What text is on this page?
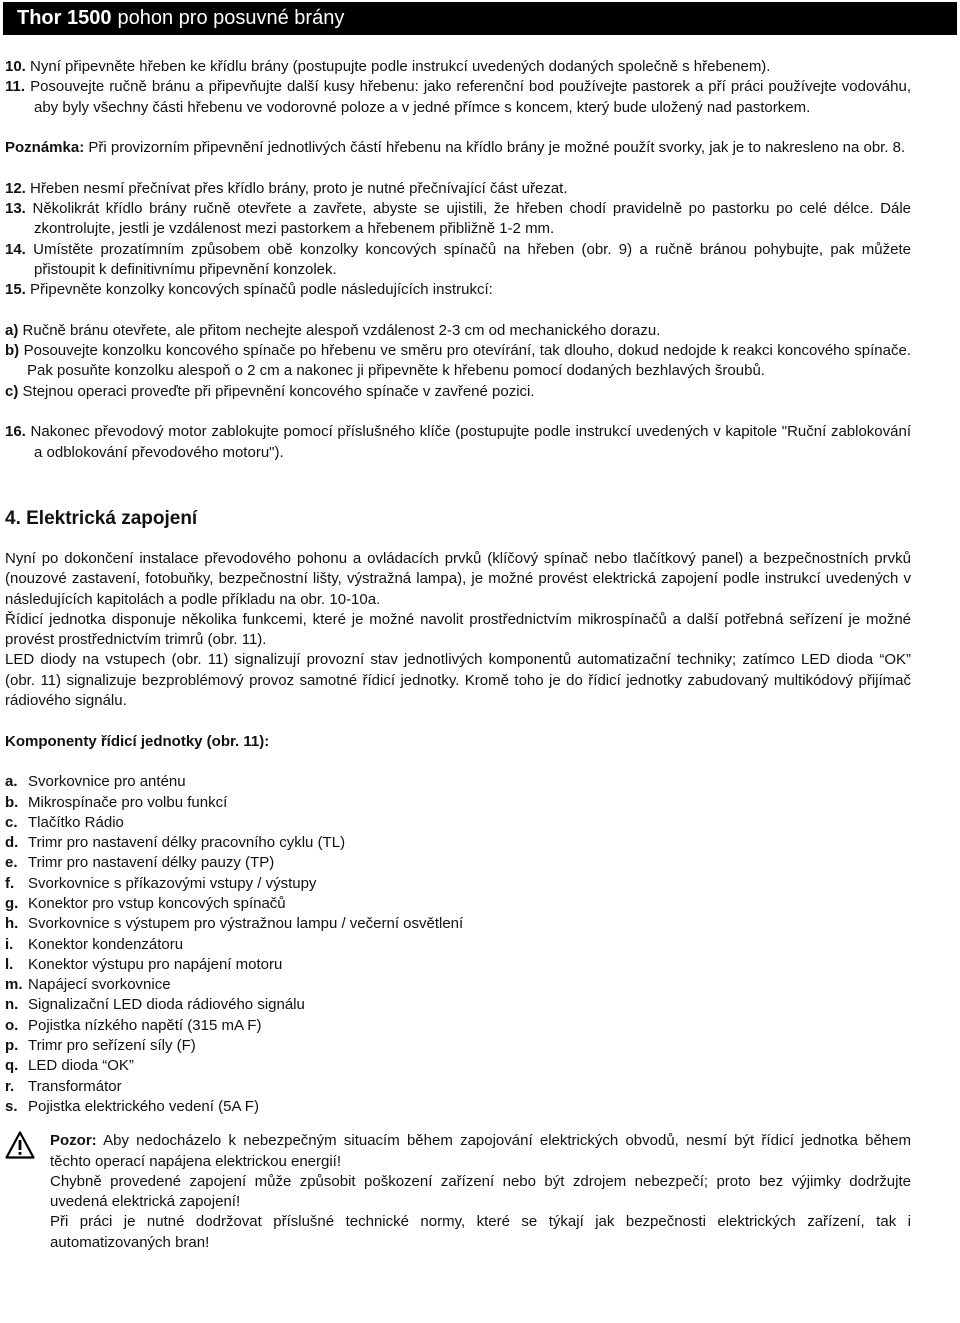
Thor 1500 pohon pro posuvné brány

10. Nyní připevněte hřeben ke křídlu brány (postupujte podle instrukcí uvedených dodaných společně s hřebenem).

11. Posouvejte ručně bránu a připevňujte další kusy hřebenu: jako referenční bod používejte pastorek a pří práci používejte vodováhu, aby byly všechny části hřebenu ve vodorovné poloze a v jedné přímce s koncem, který bude uložený nad pastorkem.

Poznámka: Při provizorním připevnění jednotlivých částí hřebenu na křídlo brány je možné použít svorky, jak je to nakresleno na obr. 8.

12. Hřeben nesmí přečnívat přes křídlo brány, proto je nutné přečnívající část uřezat.

13. Několikrát křídlo brány ručně otevřete a zavřete, abyste se ujistili, že hřeben chodí pravidelně po pastorku po celé délce. Dále zkontrolujte, jestli je vzdálenost mezi pastorkem a hřebenem přibližně 1-2 mm.

14. Umístěte prozatímním způsobem obě konzolky koncových spínačů na hřeben (obr. 9) a ručně bránou pohybujte, pak můžete přistoupit k definitivnímu připevnění konzolek.

15. Připevněte konzolky koncových spínačů podle následujících instrukcí:

a) Ručně bránu otevřete, ale přitom nechejte alespoň vzdálenost 2-3 cm od mechanického dorazu.

b) Posouvejte konzolku koncového spínače po hřebenu ve směru pro otevírání, tak dlouho, dokud nedojde k reakci koncového spínače. Pak posuňte konzolku alespoň o 2 cm a nakonec ji připevněte k hřebenu pomocí dodaných bezhlavých šroubů.

c) Stejnou operaci proveďte při připevnění koncového spínače v zavřené pozici.

16. Nakonec převodový motor zablokujte pomocí příslušného klíče (postupujte podle instrukcí uvedených v kapitole "Ruční zablokování a odblokování převodového motoru").

4. Elektrická zapojení

Nyní po dokončení instalace převodového pohonu a ovládacích prvků (klíčový spínač nebo tlačítkový panel) a bezpečnostních prvků (nouzové zastavení, fotobuňky, bezpečnostní lišty, výstražná lampa), je možné provést elektrická zapojení podle instrukcí uvedených v následujících kapitolách a podle příkladu na obr. 10-10a.

Řídicí jednotka disponuje několika funkcemi, které je možné navolit prostřednictvím mikrospínačů a další potřebná seřízení je možné provést prostřednictvím trimrů (obr. 11).

LED diody na vstupech (obr. 11) signalizují provozní stav jednotlivých komponentů automatizační techniky; zatímco LED dioda “OK” (obr. 11) signalizuje bezproblémový provoz samotné řídicí jednotky. Kromě toho je do řídicí jednotky zabudovaný multikódový přijímač rádiového signálu.

Komponenty řídicí jednotky (obr. 11):

a. Svorkovnice pro anténu
b. Mikrospínače pro volbu funkcí
c. Tlačítko Rádio
d. Trimr pro nastavení délky pracovního cyklu (TL)
e. Trimr pro nastavení délky pauzy (TP)
f. Svorkovnice s příkazovými vstupy / výstupy
g. Konektor pro vstup koncových spínačů
h. Svorkovnice s výstupem pro výstražnou lampu / večerní osvětlení
i. Konektor kondenzátoru
l. Konektor výstupu pro napájení motoru
m. Napájecí svorkovnice
n. Signalizační LED dioda rádiového signálu
o. Pojistka nízkého napětí (315 mA F)
p. Trimr pro seřízení síly (F)
q. LED dioda “OK”
r. Transformátor
s. Pojistka elektrického vedení (5A F)

Pozor: Aby nedocházelo k nebezpečným situacím během zapojování elektrických obvodů, nesmí být řídicí jednotka během těchto operací napájena elektrickou energií!

Chybně provedené zapojení může způsobit poškození zařízení nebo být zdrojem nebezpečí; proto bez výjimky dodržujte uvedená elektrická zapojení!

Při práci je nutné dodržovat příslušné technické normy, které se týkají jak bezpečnosti elektrických zařízení, tak i automatizovaných bran!
